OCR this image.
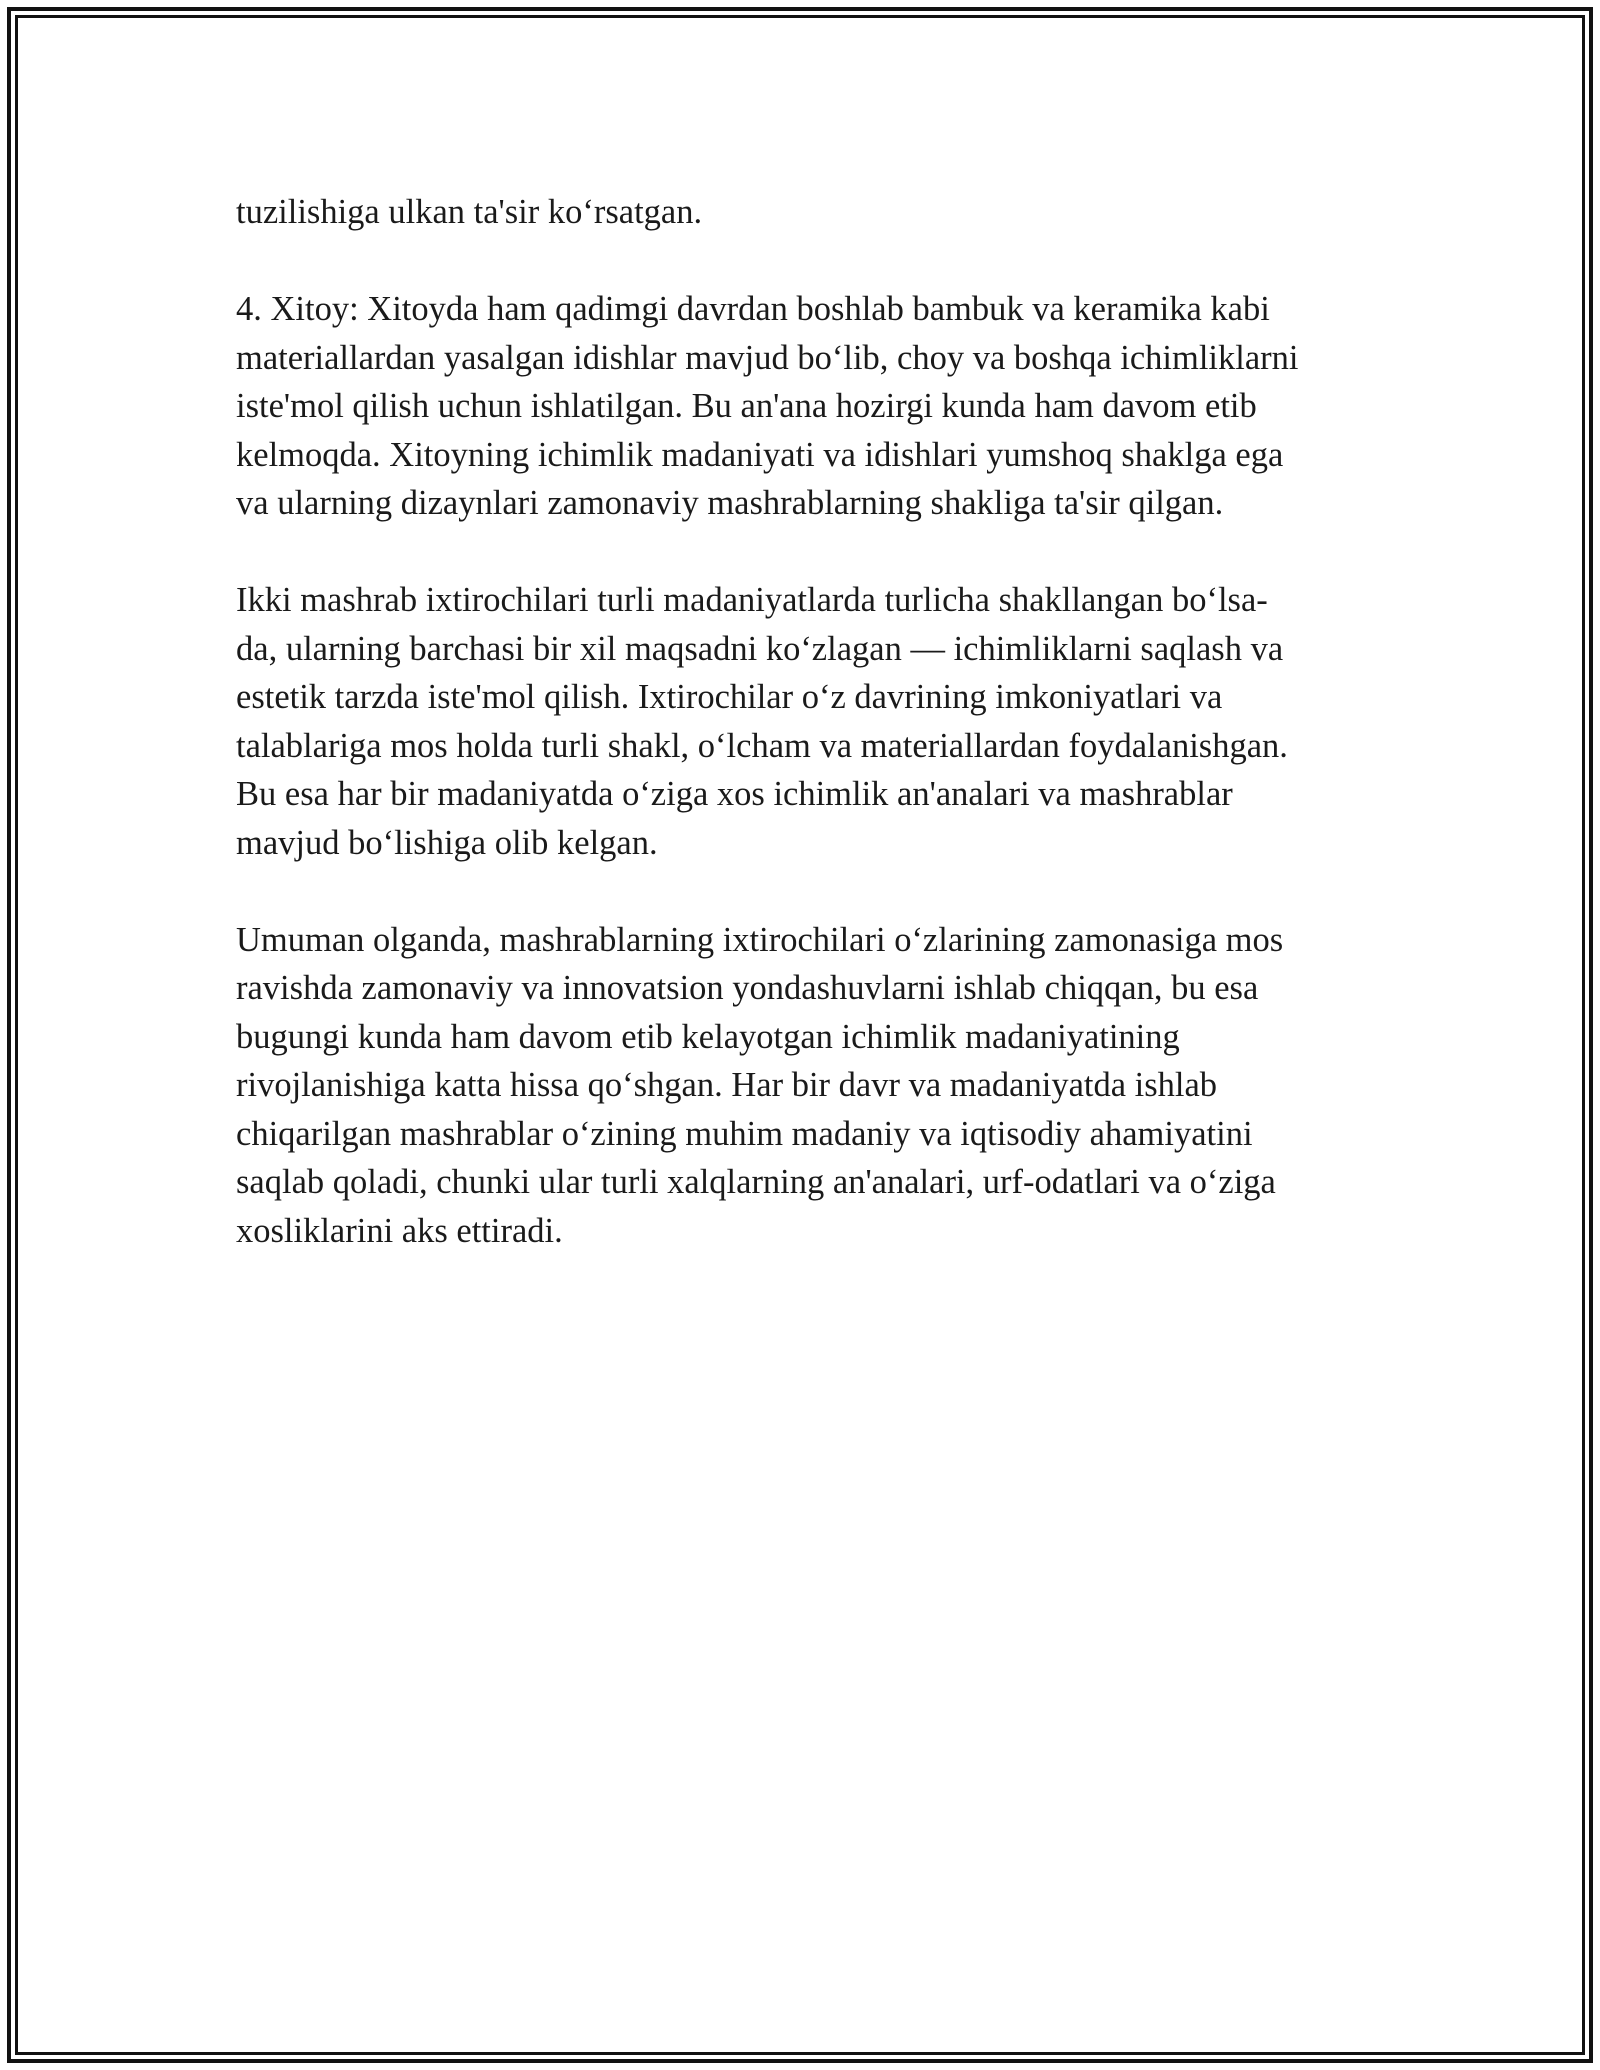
tuzilishiga ulkan ta'sir ko‘rsatgan.

4. Xitoy: Xitoyda ham qadimgi davrdan boshlab bambuk va keramika kabi
materiallardan yasalgan idishlar mavjud bo‘lib, choy va boshqa ichimliklarni
iste'mol qilish uchun ishlatilgan. Bu an'ana hozirgi kunda ham davom etib
kelmoqda. Xitoyning ichimlik madaniyati va idishlari yumshoq shaklga ega
va ularning dizaynlari zamonaviy mashrablarning shakliga ta'sir qilgan.

Ikki mashrab ixtirochilari turli madaniyatlarda turlicha shakllangan bo‘lsa-
da, ularning barchasi bir xil maqsadni ko‘zlagan — ichimliklarni saqlash va
estetik tarzda iste'mol qilish. Ixtirochilar o‘z davrining imkoniyatlari va
talablariga mos holda turli shakl, o‘lcham va materiallardan foydalanishgan.
Bu esa har bir madaniyatda o‘ziga xos ichimlik an'analari va mashrablar
mavjud bo‘lishiga olib kelgan.

Umuman olganda, mashrablarning ixtirochilari o‘zlarining zamonasiga mos
ravishda zamonaviy va innovatsion yondashuvlarni ishlab chiqqan, bu esa
bugungi kunda ham davom etib kelayotgan ichimlik madaniyatining
rivojlanishiga katta hissa qo‘shgan. Har bir davr va madaniyatda ishlab
chiqarilgan mashrablar o‘zining muhim madaniy va iqtisodiy ahamiyatini
saqlab qoladi, chunki ular turli xalqlarning an'analari, urf-odatlari va o‘ziga
xosliklarini aks ettiradi.
